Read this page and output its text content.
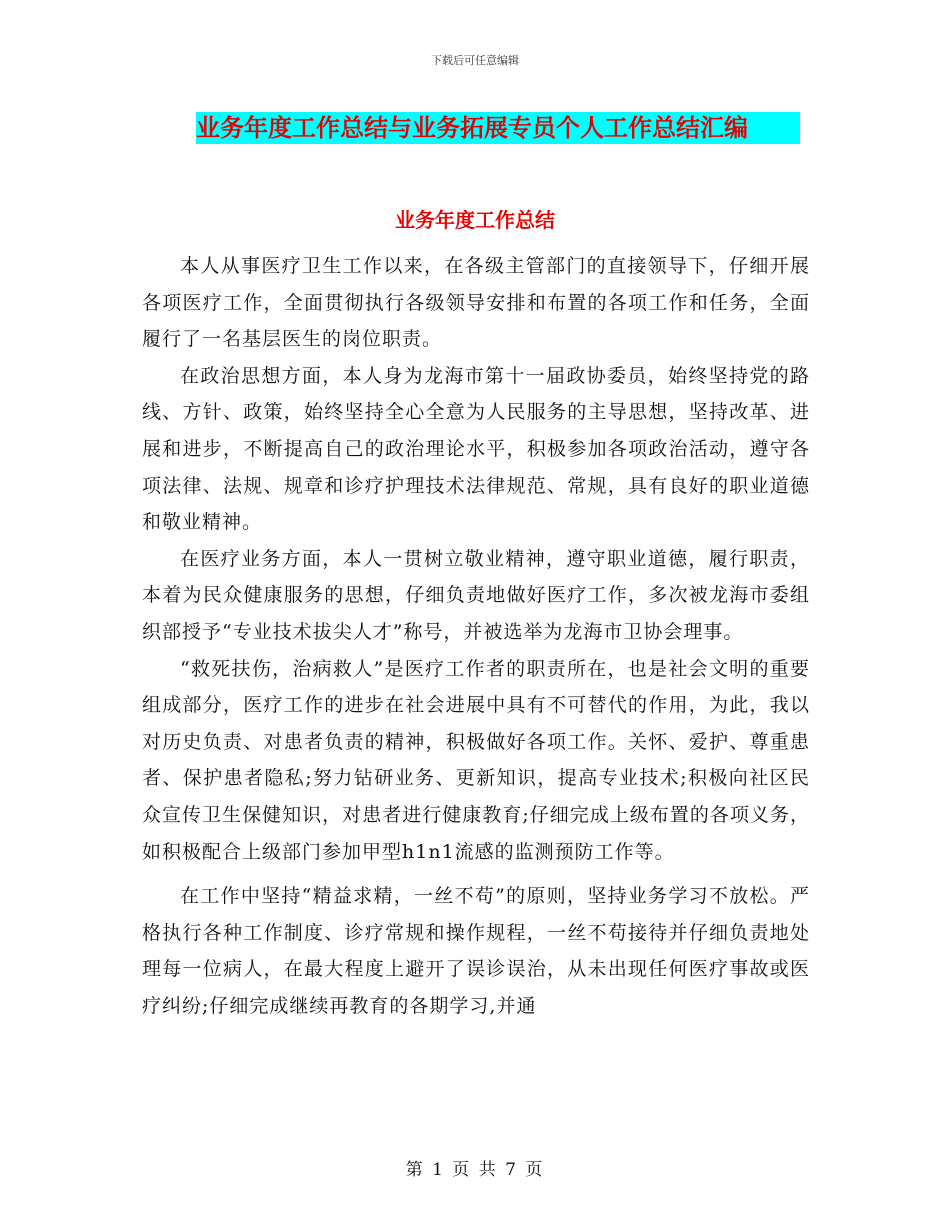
下载后可任意编辑
业务年度工作总结与业务拓展专员个人工作总结汇编
业务年度工作总结

本人从事医疗卫生工作以来，在各级主管部门的直接领导下，仔细开展各项医疗工作，全面贯彻执行各级领导安排和布置的各项工作和任务，全面履行了一名基层医生的岗位职责。

在政治思想方面，本人身为龙海市第十一届政协委员，始终坚持党的路线、方针、政策，始终坚持全心全意为人民服务的主导思想，坚持改革、进展和进步，不断提高自己的政治理论水平，积极参加各项政治活动，遵守各项法律、法规、规章和诊疗护理技术法律规范、常规，具有良好的职业道德和敬业精神。

在医疗业务方面，本人一贯树立敬业精神，遵守职业道德，履行职责，本着为民众健康服务的思想，仔细负责地做好医疗工作，多次被龙海市委组织部授予“专业技术拔尖人才”称号，并被选举为龙海市卫协会理事。

“救死扶伤，治病救人”是医疗工作者的职责所在，也是社会文明的重要组成部分，医疗工作的进步在社会进展中具有不可替代的作用，为此，我以对历史负责、对患者负责的精神，积极做好各项工作。关怀、爱护、尊重患者、保护患者隐私;努力钻研业务、更新知识，提高专业技术;积极向社区民众宣传卫生保健知识，对患者进行健康教育;仔细完成上级布置的各项义务，如积极配合上级部门参加甲型h1n1流感的监测预防工作等。

在工作中坚持“精益求精，一丝不苟”的原则，坚持业务学习不放松。严格执行各种工作制度、诊疗常规和操作规程，一丝不苟接待并仔细负责地处理每一位病人，在最大程度上避开了误诊误治，从未出现任何医疗事故或医疗纠纷;仔细完成继续再教育的各期学习,并通

第 1 页 共 7 页
